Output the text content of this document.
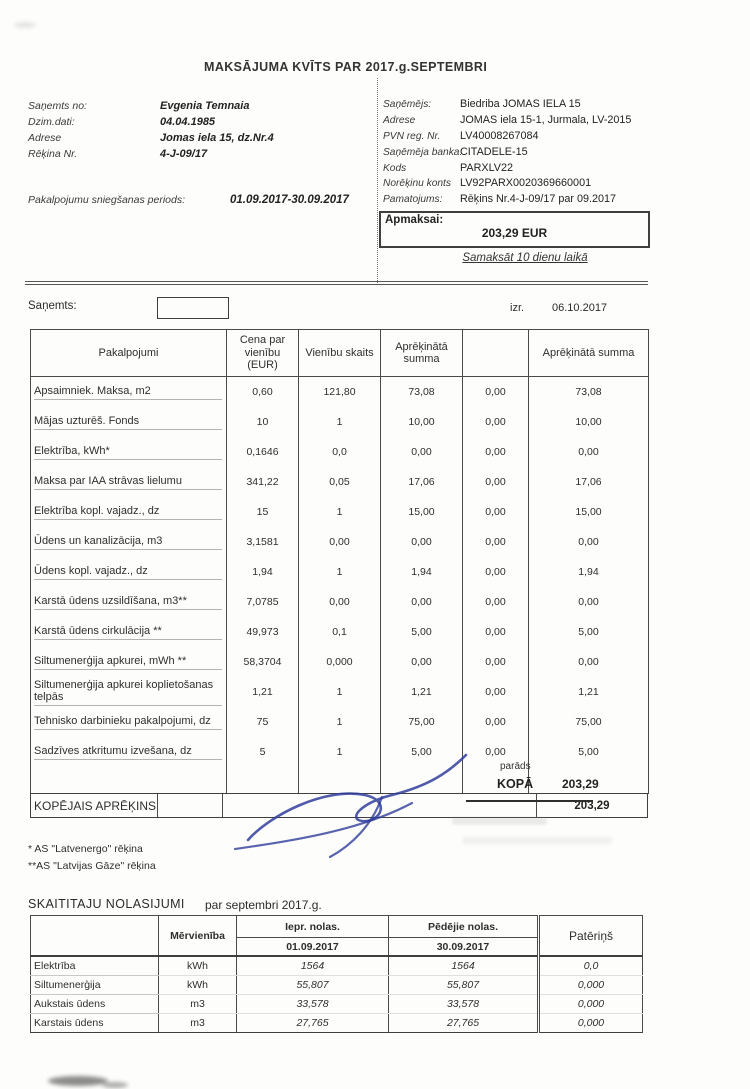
MAKSĀJUMA KVĪTS PAR 2017.g.SEPTEMBRI
Saņemts no:	Evgenia Temnaia
Dzim.dati:	04.04.1985
Adrese	Jomas iela 15, dz.Nr.4
Rēķina Nr.	4-J-09/17
Pakalpojumu sniegšanas periods:	01.09.2017-30.09.2017
Saņēmējs:	Biedriba JOMAS IELA 15
Adrese	JOMAS iela 15-1, Jurmala, LV-2015
PVN reg. Nr. LV40008267084
Saņēmēja banka:CITADELE-15
Kods	PARXLV22
Norēķinu konts LV92PARX0020369660001
Pamatojums: Rēķins Nr.4-J-09/17 par 09.2017
Apmaksai:
203,29 EUR
Samaksāt 10 dienu laikā
Saņemts:	izr.	06.10.2017
Pakalpojumi	Cena par vienību (EUR)	Vienību skaits	Aprēķinātā summa		Aprēķinātā summa

Apsaimniek. Maksa, m2	0,60	121,80	73,08	0,00	73,08

Mājas uzturēš. Fonds	10	1	10,00	0,00	10,00

Elektrība, kWh*	0,1646	0,0	0,00	0,00	0,00

Maksa par IAA strāvas lielumu	341,22	0,05	17,06	0,00	17,06

Elektrība kopl. vajadz., dz	15	1	15,00	0,00	15,00

Ūdens un kanalizācija, m3	3,1581	0,00	0,00	0,00	0,00

Ūdens kopl. vajadz., dz	1,94	1	1,94	0,00	1,94

Karstā ūdens uzsildīšana, m3**	7,0785	0,00	0,00	0,00	0,00

Karstā ūdens cirkulācija **	49,973	0,1	5,00	0,00	5,00

Siltumenerģija apkurei, mWh **	58,3704	0,000	0,00	0,00	0,00

Siltumenerģija apkurei koplietošanas telpās	1,21	1	1,21	0,00	1,21

Tehnisko darbinieku pakalpojumi, dz	75	1	75,00	0,00	75,00

Sadzīves atkritumu izvešana, dz	5	1	5,00	0,00	5,00

KOPĒJAIS APRĒĶINS	203,29
parāds
KOPĀ 203,29
* AS "Latvenergo" rēķina
**AS "Latvijas Gāze" rēķina
SKAITITAJU NOLASIJUMI par septembri 2017.g.
	Mērvienība	Iepr. nolas.	Pēdējie nolas.	Patēriņš
		01.09.2017	30.09.2017	
Elektrība	kWh	1564	1564	0,0
Siltumenerģija	kWh	55,807	55,807	0,000
Aukstais ūdens	m3	33,578	33,578	0,000
Karstais ūdens	m3	27,765	27,765	0,000
